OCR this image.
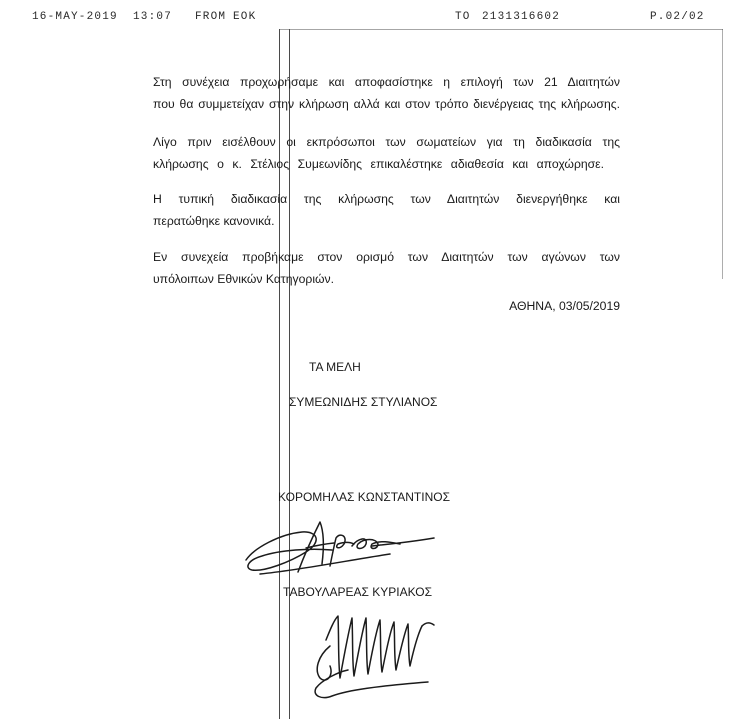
16-MAY-2019 13:07 FROM EOK	TO 2131316602	P.02/02
Στη συνέχεια προχωρήσαμε και αποφασίστηκε η επιλογή των 21 Διαιτητών
που θα συμμετείχαν στην κλήρωση αλλά και στον τρόπο διενέργειας της κλήρωσης.
Λίγο πριν εισέλθουν οι εκπρόσωποι των σωματείων για τη διαδικασία της
κλήρωσης ο κ. Στέλιος Συμεωνίδης επικαλέστηκε αδιαθεσία και αποχώρησε.
Η τυπική διαδικασία της κλήρωσης των Διαιτητών διενεργήθηκε και
περατώθηκε κανονικά.
Εν συνεχεία προβήκαμε στον ορισμό των Διαιτητών των αγώνων των
υπόλοιπων Εθνικών Κατηγοριών.
ΑΘΗΝΑ, 03/05/2019
ΤΑ ΜΕΛΗ
ΣΥΜΕΩΝΙΔΗΣ ΣΤΥΛΙΑΝΟΣ
ΚΟΡΟΜΗΛΑΣ ΚΩΝΣΤΑΝΤΙΝΟΣ
ΤΑΒΟΥΛΑΡΕΑΣ ΚΥΡΙΑΚΟΣ
